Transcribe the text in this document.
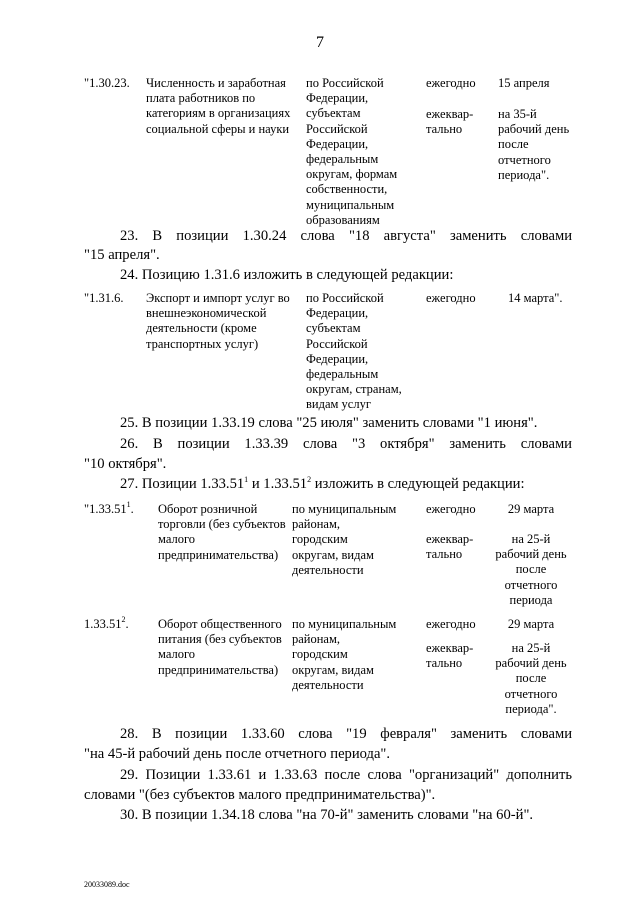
7
"1.30.23. Численность и заработная
плата работников по
категориям в организациях
социальной сферы и науки
по Российской
Федерации,
субъектам
Российской
Федерации,
федеральным
округам, формам
собственности,
муниципальным
образованиям
ежегодно
ежеквар-
тально
15 апреля
на 35-й
рабочий день
после
отчетного
периода".
23. В позиции 1.30.24 слова "18 августа" заменить словами
"15 апреля".
24. Позицию 1.31.6 изложить в следующей редакции:
"1.31.6. Экспорт и импорт услуг во
внешнеэкономической
деятельности (кроме
транспортных услуг)
по Российской
Федерации,
субъектам
Российской
Федерации,
федеральным
округам, странам,
видам услуг
ежегодно	14 марта".
25. В позиции 1.33.19 слова "25 июля" заменить словами "1 июня".
26. В позиции 1.33.39 слова "3 октября" заменить словами
"10 октября".
27. Позиции 1.33.51$^1$ и 1.33.51$^2$ изложить в следующей редакции:
"1.33.51$^1$. Оборот розничной
торговли (без субъектов
малого
предпринимательства)
по муниципальным
районам,
городским
округам, видам
деятельности
ежегодно
ежеквар-
тально
29 марта
на 25-й
рабочий день
после
отчетного
периода
1.33.51$^2$. Оборот общественного
питания (без субъектов
малого
предпринимательства)
по муниципальным
районам,
городским
округам, видам
деятельности
ежегодно
ежеквар-
тально
29 марта
на 25-й
рабочий день
после
отчетного
периода".
28. В позиции 1.33.60 слова "19 февраля" заменить словами
"на 45-й рабочий день после отчетного периода".
29. Позиции 1.33.61 и 1.33.63 после слова "организаций" дополнить
словами "(без субъектов малого предпринимательства)".
30. В позиции 1.34.18 слова "на 70-й" заменить словами "на 60-й".
20033089.doc
